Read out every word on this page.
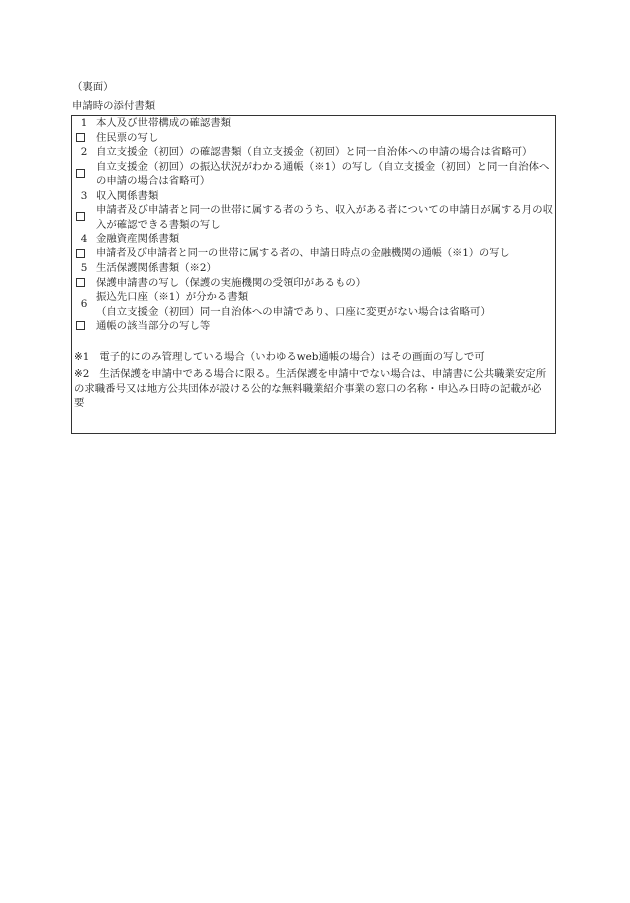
（裏面）
申請時の添付書類
1 本人及び世帯構成の確認書類
住民票の写し
2 自立支援金（初回）の確認書類（自立支援金（初回）と同一自治体への申請の場合は省略可）
自立支援金（初回）の振込状況がわかる通帳（※1）の写し（自立支援金（初回）と同一自治体への申請の場合は省略可）
3 収入関係書類
申請者及び申請者と同一の世帯に属する者のうち、収入がある者についての申請日が属する月の収入が確認できる書類の写し
4 金融資産関係書類
申請者及び申請者と同一の世帯に属する者の、申請日時点の金融機関の通帳（※1）の写し
5 生活保護関係書類（※2）
保護申請書の写し（保護の実施機関の受領印があるもの）
6
振込先口座（※1）が分かる書類
（自立支援金（初回）同一自治体への申請であり、口座に変更がない場合は省略可）
通帳の該当部分の写し等
※1 電子的にのみ管理している場合（いわゆるweb通帳の場合）はその画面の写しで可
※2 生活保護を申請中である場合に限る。生活保護を申請中でない場合は、申請書に公共職業安定所の求職番号又は地方公共団体が設ける公的な無料職業紹介事業の窓口の名称・申込み日時の記載が必要
